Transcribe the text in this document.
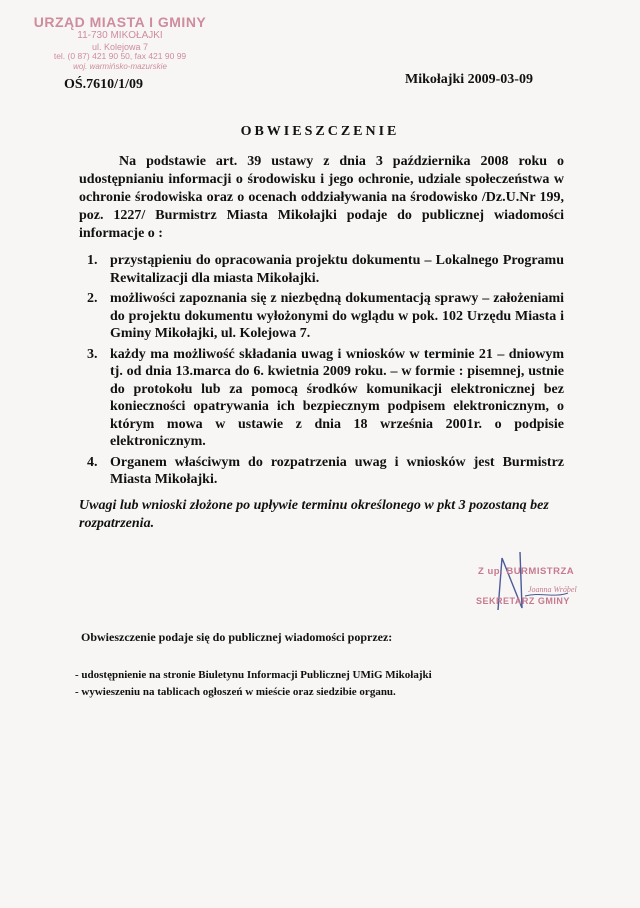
URZĄD MIASTA I GMINY
11-730 MIKOŁAJKI
ul. Kolejowa 7
tel. (0 87) 421 90 50, fax 421 90 99
woj. warmińsko-mazurskie
OŚ.7610/1/09	Mikołajki 2009-03-09
OBWIESZCZENIE

Na podstawie art. 39 ustawy z dnia 3 października 2008 roku o udostępnianiu informacji o środowisku i jego ochronie, udziale społeczeństwa w ochronie środowiska oraz o ocenach oddziaływania na środowisko /Dz.U.Nr 199, poz. 1227/ Burmistrz Miasta Mikołajki podaje do publicznej wiadomości informacje o :

1. przystąpieniu do opracowania projektu dokumentu – Lokalnego Programu Rewitalizacji dla miasta Mikołajki.
2. możliwości zapoznania się z niezbędną dokumentacją sprawy – założeniami do projektu dokumentu wyłożonymi do wglądu w pok. 102 Urzędu Miasta i Gminy Mikołajki, ul. Kolejowa 7.
3. każdy ma możliwość składania uwag i wniosków w terminie 21 – dniowym tj. od dnia 13.marca do 6. kwietnia 2009 roku. – w formie : pisemnej, ustnie do protokołu lub za pomocą środków komunikacji elektronicznej bez konieczności opatrywania ich bezpiecznym podpisem elektronicznym, o którym mowa w ustawie z dnia 18 września 2001r. o podpisie elektronicznym.
4. Organem właściwym do rozpatrzenia uwag i wniosków jest Burmistrz Miasta Mikołajki.

Uwagi lub wnioski złożone po upływie terminu określonego w pkt 3 pozostaną bez rozpatrzenia.

Z up. BURMISTRZA
Joanna Wróbel
SEKRETARZ GMINY
Obwieszczenie podaje się do publicznej wiadomości poprzez:
- udostępnienie na stronie Biuletynu Informacji Publicznej UMiG Mikołajki
- wywieszeniu na tablicach ogłoszeń w mieście oraz siedzibie organu.
